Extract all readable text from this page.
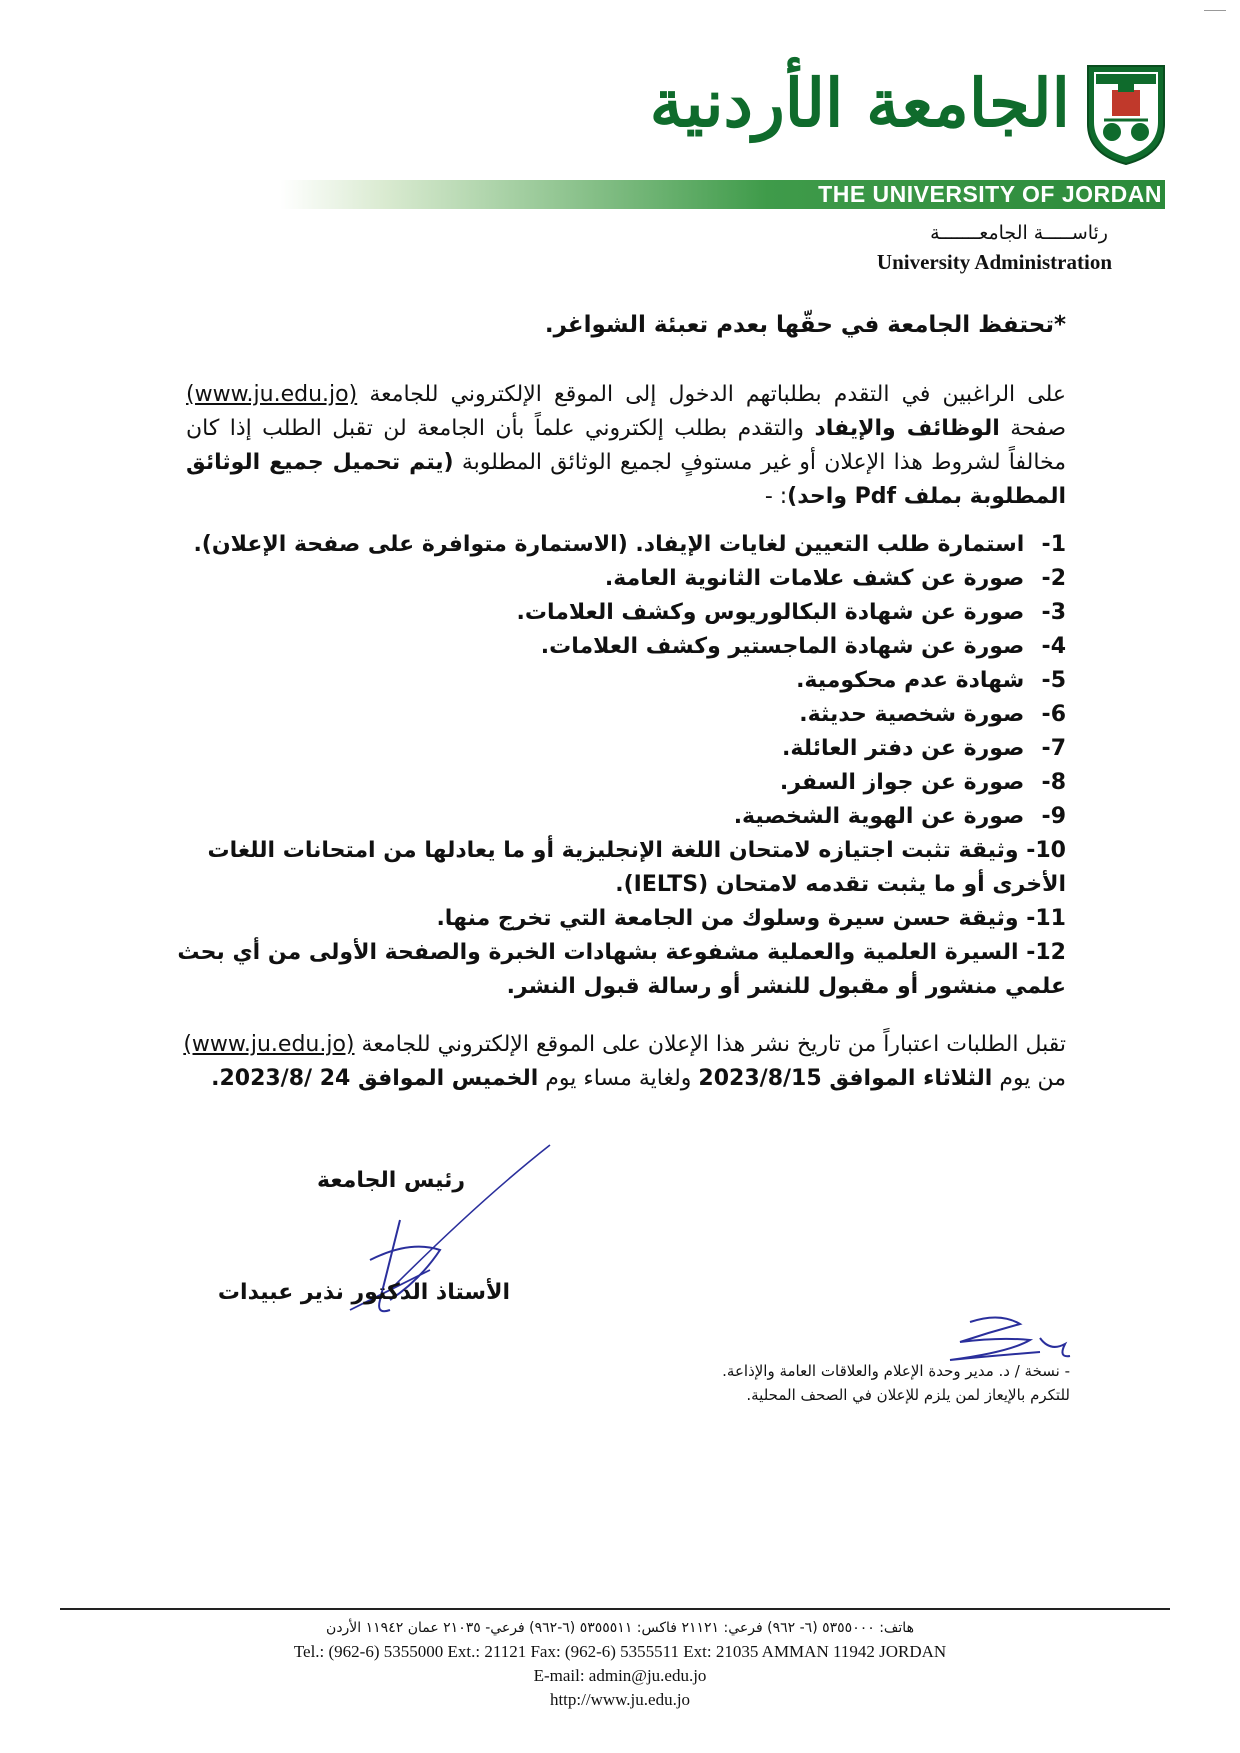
الجامعة الأردنية
THE UNIVERSITY OF JORDAN
رئاســـــة الجامعـــــــة
University Administration
*تحتفظ الجامعة في حقّها بعدم تعبئة الشواغر.
على الراغبين في التقدم بطلباتهم الدخول إلى الموقع الإلكتروني للجامعة (www.ju.edu.jo) صفحة الوظائف والإيفاد والتقدم بطلب إلكتروني علماً بأن الجامعة لن تقبل الطلب إذا كان مخالفاً لشروط هذا الإعلان أو غير مستوفٍ لجميع الوثائق المطلوبة (يتم تحميل جميع الوثائق المطلوبة بملف Pdf واحد): -
1- استمارة طلب التعيين لغايات الإيفاد. (الاستمارة متوافرة على صفحة الإعلان).
2- صورة عن كشف علامات الثانوية العامة.
3- صورة عن شهادة البكالوريوس وكشف العلامات.
4- صورة عن شهادة الماجستير وكشف العلامات.
5- شهادة عدم محكومية.
6- صورة شخصية حديثة.
7- صورة عن دفتر العائلة.
8- صورة عن جواز السفر.
9- صورة عن الهوية الشخصية.
10- وثيقة تثبت اجتيازه لامتحان اللغة الإنجليزية أو ما يعادلها من امتحانات اللغات الأخرى أو ما يثبت تقدمه لامتحان (IELTS).
11- وثيقة حسن سيرة وسلوك من الجامعة التي تخرج منها.
12- السيرة العلمية والعملية مشفوعة بشهادات الخبرة والصفحة الأولى من أي بحث علمي منشور أو مقبول للنشر أو رسالة قبول النشر.
تقبل الطلبات اعتباراً من تاريخ نشر هذا الإعلان على الموقع الإلكتروني للجامعة (www.ju.edu.jo)
من يوم الثلاثاء الموافق 2023/8/15 ولغاية مساء يوم الخميس الموافق 24 /2023/8.
رئيس الجامعة
الأستاذ الدكتور نذير عبيدات
- نسخة / د. مدير وحدة الإعلام والعلاقات العامة والإذاعة.
للتكرم بالإيعاز لمن يلزم للإعلان في الصحف المحلية.
هاتف: ٥٣٥٥٠٠٠ (٦- ٩٦٢) فرعي: ٢١١٢١ فاكس: ٥٣٥٥٥١١ (٦-٩٦٢) فرعي- ٢١٠٣٥ عمان ١١٩٤٢ الأردن
Tel.: (962-6) 5355000 Ext.: 21121 Fax: (962-6) 5355511 Ext: 21035 AMMAN 11942 JORDAN
E-mail: admin@ju.edu.jo
http://www.ju.edu.jo
